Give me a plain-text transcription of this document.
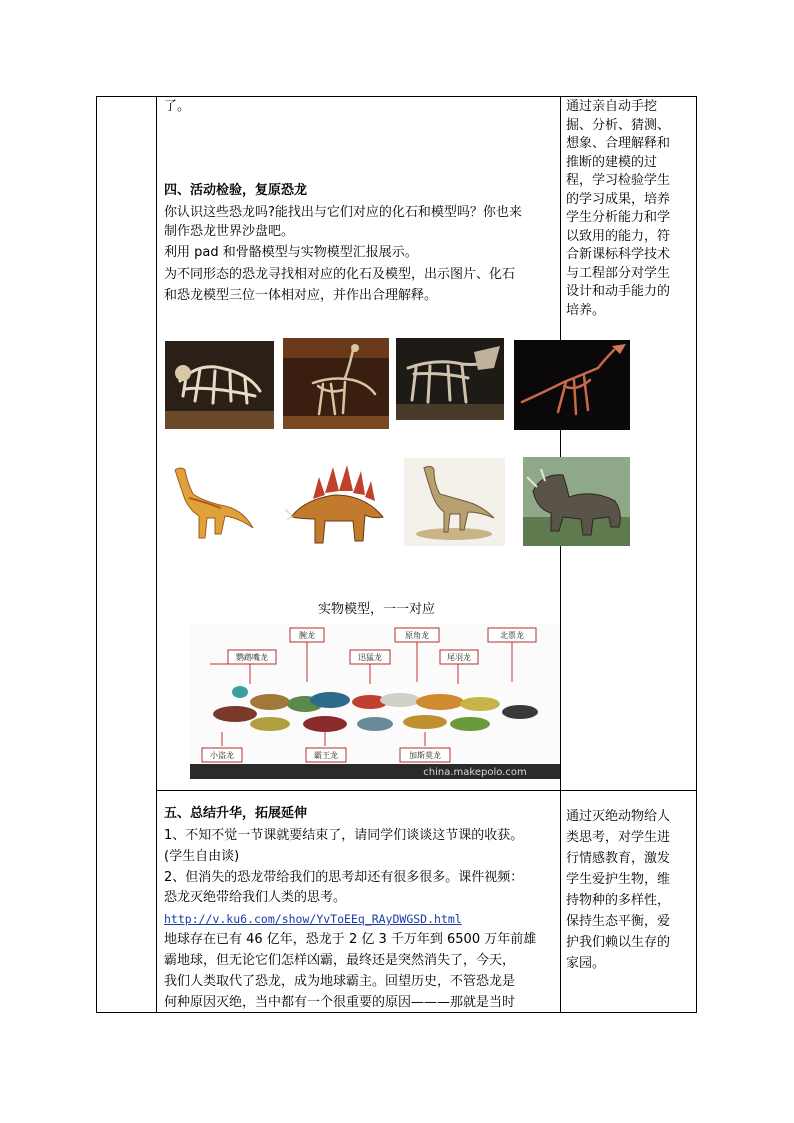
了。
四、活动检验，复原恐龙
你认识这些恐龙吗?能找出与它们对应的化石和模型吗？你也来
制作恐龙世界沙盘吧。
利用 pad 和骨骼模型与实物模型汇报展示。
为不同形态的恐龙寻找相对应的化石及模型，出示图片、化石
和恐龙模型三位一体相对应，并作出合理解释。
通过亲自动手挖
掘、分析、猜测、
想象、合理解释和
推断的建模的过
程，学习检验学生
的学习成果，培养
学生分析能力和学
以致用的能力，符
合新课标科学技术
与工程部分对学生
设计和动手能力的
培养。
实物模型，一一对应
腕龙	原角龙	北票龙
鹦鹉嘴龙	迅猛龙	尾羽龙
小盗龙	霸王龙	加斯莫龙
china.makepolo.com
五、总结升华，拓展延伸
1、不知不觉一节课就要结束了，请同学们谈谈这节课的收获。
(学生自由谈)
2、但消失的恐龙带给我们的思考却还有很多很多。课件视频：
恐龙灭绝带给我们人类的思考。
http://v.ku6.com/show/YvToEEq_RAyDWGSD.html
地球存在已有 46 亿年，恐龙于 2 亿 3 千万年到 6500 万年前雄
霸地球，但无论它们怎样凶霸，最终还是突然消失了，今天，
我们人类取代了恐龙，成为地球霸主。回望历史，不管恐龙是
何种原因灭绝，当中都有一个很重要的原因———那就是当时
通过灭绝动物给人
类思考，对学生进
行情感教育，激发
学生爱护生物，维
持物种的多样性，
保持生态平衡，爱
护我们赖以生存的
家园。
